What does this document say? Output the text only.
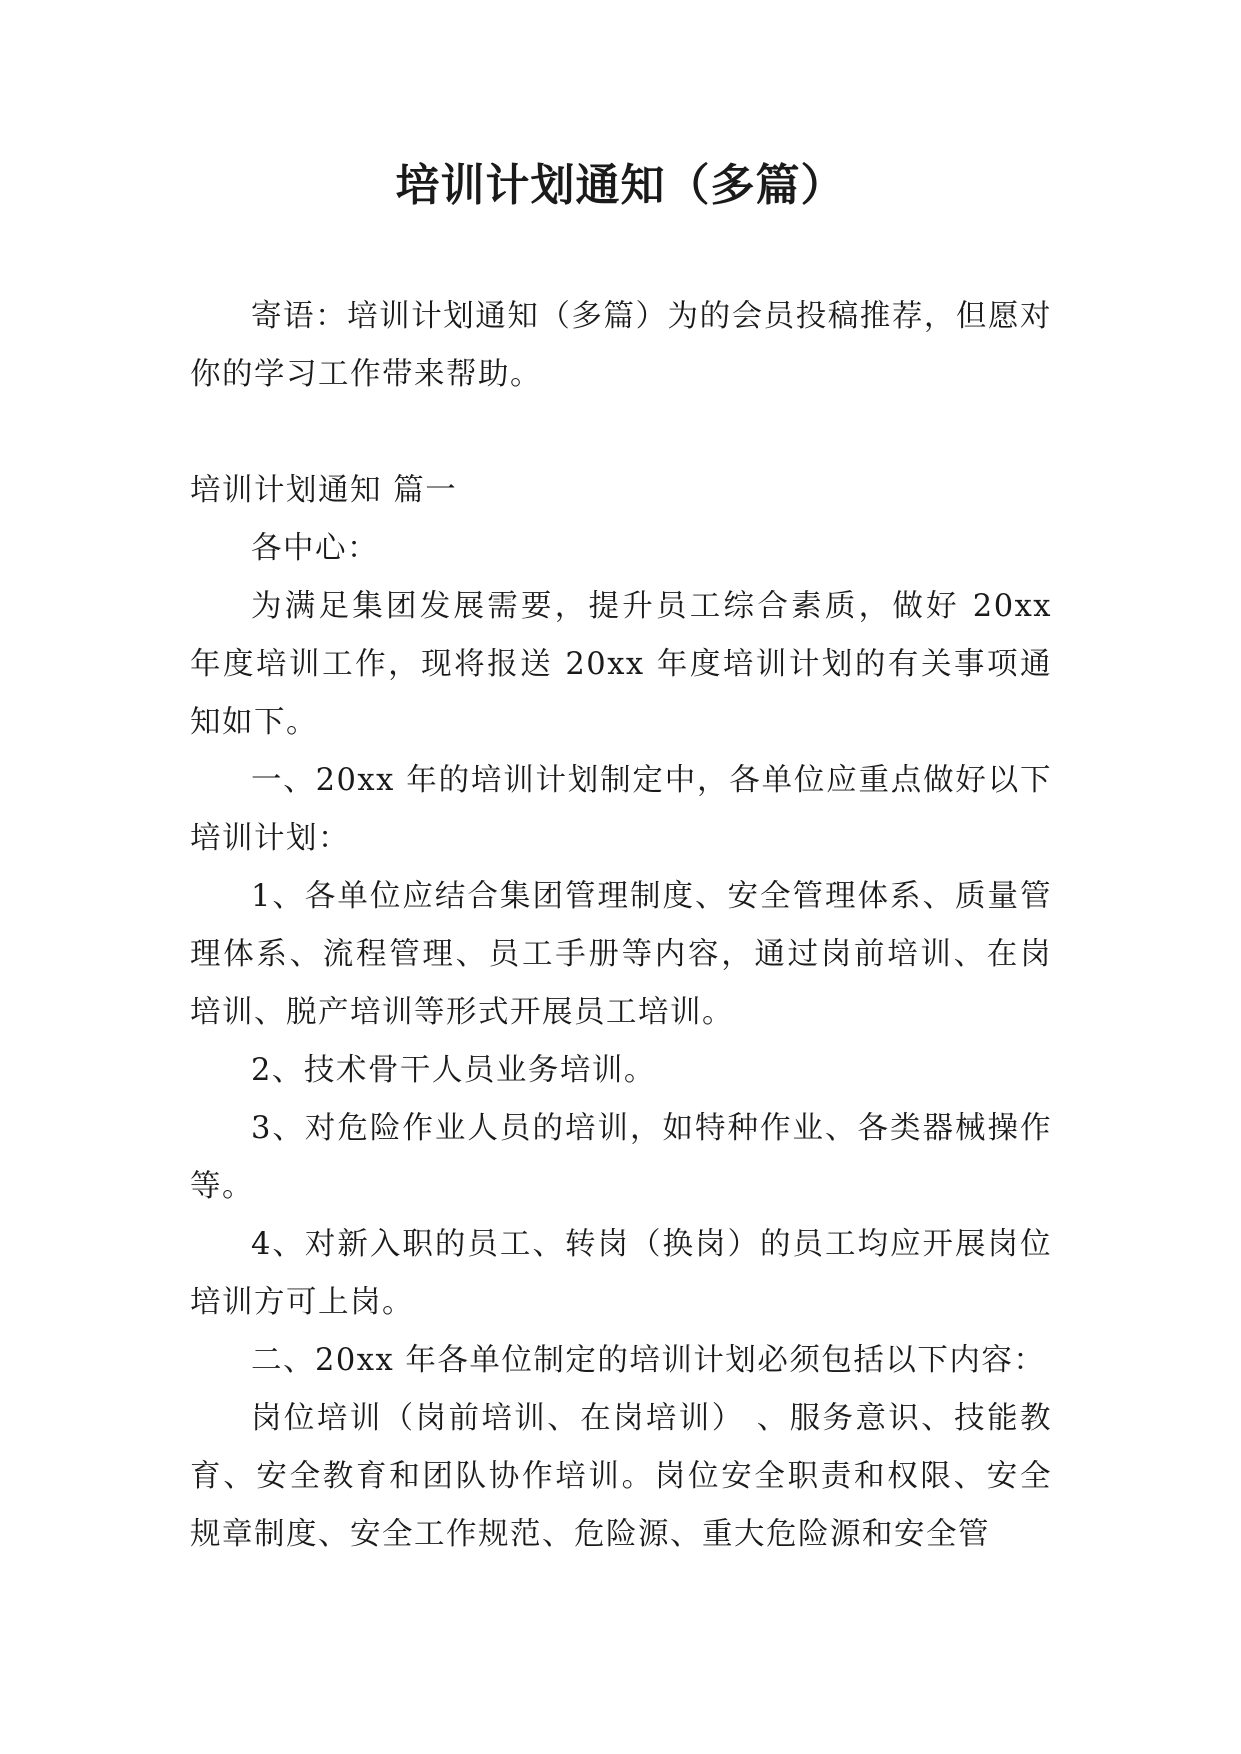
培训计划通知（多篇）

寄语：培训计划通知（多篇）为的会员投稿推荐，但愿对你的学习工作带来帮助。

培训计划通知 篇一

各中心：

为满足集团发展需要，提升员工综合素质，做好 20xx 年度培训工作，现将报送 20xx 年度培训计划的有关事项通知如下。

一、20xx 年的培训计划制定中，各单位应重点做好以下培训计划：

1、各单位应结合集团管理制度、安全管理体系、质量管理体系、流程管理、员工手册等内容，通过岗前培训、在岗培训、脱产培训等形式开展员工培训。

2、技术骨干人员业务培训。

3、对危险作业人员的培训，如特种作业、各类器械操作等。

4、对新入职的员工、转岗（换岗）的员工均应开展岗位培训方可上岗。

二、20xx 年各单位制定的培训计划必须包括以下内容：

岗位培训（岗前培训、在岗培训） 、服务意识、技能教育、安全教育和团队协作培训。岗位安全职责和权限、安全规章制度、安全工作规范、危险源、重大危险源和安全管
